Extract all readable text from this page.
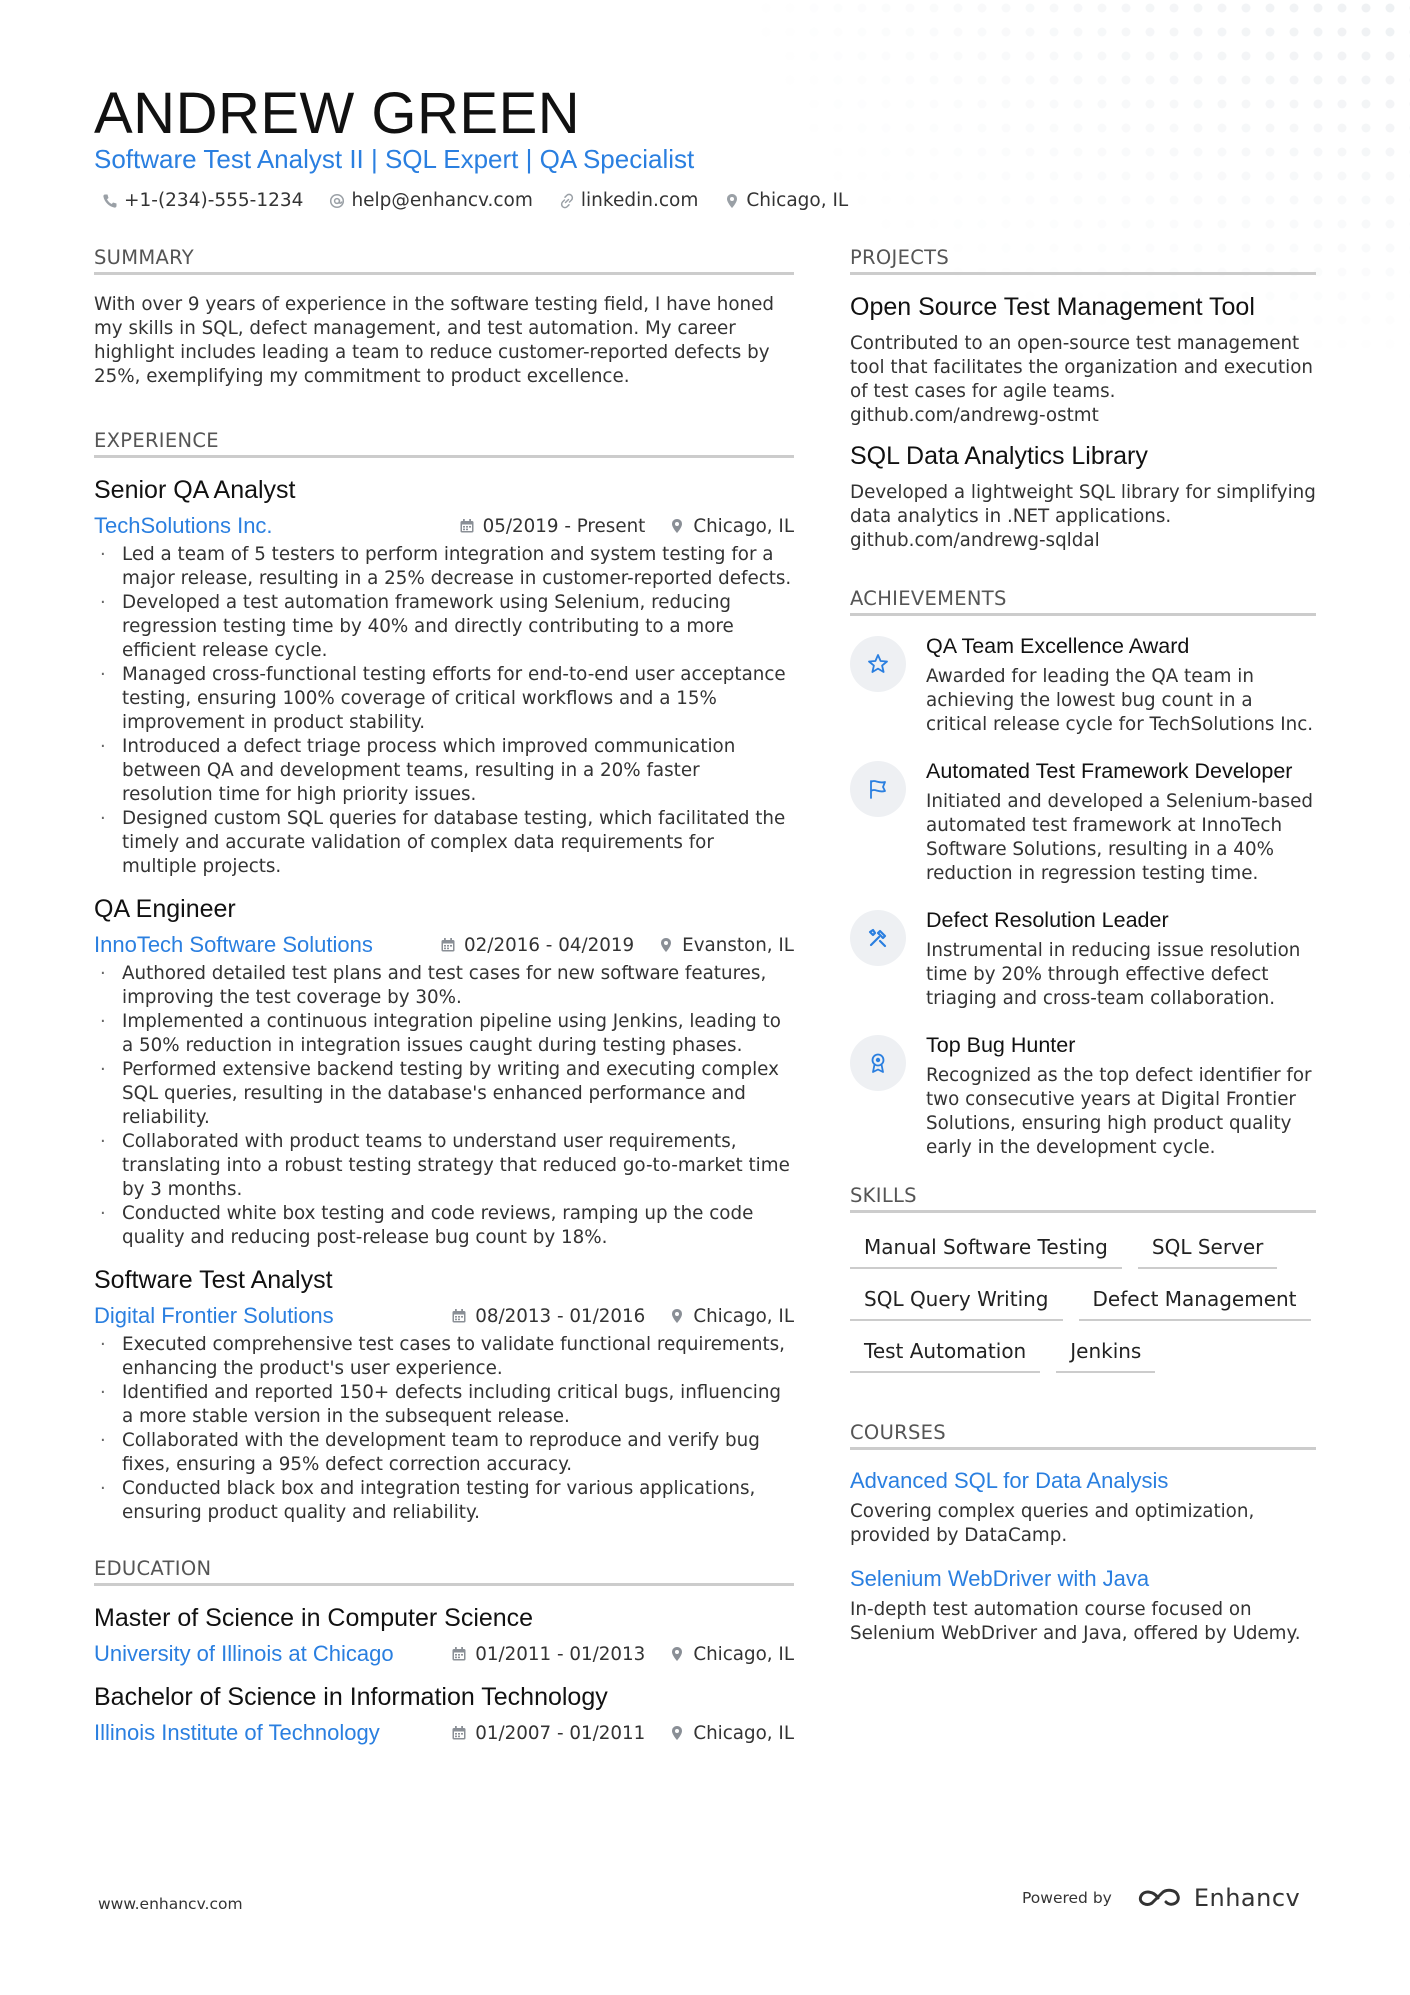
ANDREW GREEN
Software Test Analyst II | SQL Expert | QA Specialist
+1-(234)-555-1234	help@enhancv.com	linkedin.com	Chicago, IL
SUMMARY

With over 9 years of experience in the software testing field, I have honed my skills in SQL, defect management, and test automation. My career highlight includes leading a team to reduce customer-reported defects by 25%, exemplifying my commitment to product excellence.

EXPERIENCE
Senior QA Analyst
TechSolutions Inc.	05/2019 - Present	Chicago, IL
· Led a team of 5 testers to perform integration and system testing for a major release, resulting in a 25% decrease in customer-reported defects.
· Developed a test automation framework using Selenium, reducing regression testing time by 40% and directly contributing to a more efficient release cycle.
· Managed cross-functional testing efforts for end-to-end user acceptance testing, ensuring 100% coverage of critical workflows and a 15% improvement in product stability.
· Introduced a defect triage process which improved communication between QA and development teams, resulting in a 20% faster resolution time for high priority issues.
· Designed custom SQL queries for database testing, which facilitated the timely and accurate validation of complex data requirements for multiple projects.
QA Engineer
InnoTech Software Solutions	02/2016 - 04/2019	Evanston, IL
· Authored detailed test plans and test cases for new software features, improving the test coverage by 30%.
· Implemented a continuous integration pipeline using Jenkins, leading to a 50% reduction in integration issues caught during testing phases.
· Performed extensive backend testing by writing and executing complex SQL queries, resulting in the database's enhanced performance and reliability.
· Collaborated with product teams to understand user requirements, translating into a robust testing strategy that reduced go-to-market time by 3 months.
· Conducted white box testing and code reviews, ramping up the code quality and reducing post-release bug count by 18%.
Software Test Analyst
Digital Frontier Solutions	08/2013 - 01/2016	Chicago, IL
· Executed comprehensive test cases to validate functional requirements, enhancing the product's user experience.
· Identified and reported 150+ defects including critical bugs, influencing a more stable version in the subsequent release.
· Collaborated with the development team to reproduce and verify bug fixes, ensuring a 95% defect correction accuracy.
· Conducted black box and integration testing for various applications, ensuring product quality and reliability.
EDUCATION
Master of Science in Computer Science
University of Illinois at Chicago	01/2011 - 01/2013	Chicago, IL
Bachelor of Science in Information Technology
Illinois Institute of Technology	01/2007 - 01/2011	Chicago, IL
PROJECTS
Open Source Test Management Tool
Contributed to an open-source test management tool that facilitates the organization and execution of test cases for agile teams.
github.com/andrewg-ostmt
SQL Data Analytics Library
Developed a lightweight SQL library for simplifying data analytics in .NET applications.
github.com/andrewg-sqldal
ACHIEVEMENTS
QA Team Excellence Award
Awarded for leading the QA team in achieving the lowest bug count in a critical release cycle for TechSolutions Inc.
Automated Test Framework Developer
Initiated and developed a Selenium-based automated test framework at InnoTech Software Solutions, resulting in a 40% reduction in regression testing time.
Defect Resolution Leader
Instrumental in reducing issue resolution time by 20% through effective defect triaging and cross-team collaboration.
Top Bug Hunter
Recognized as the top defect identifier for two consecutive years at Digital Frontier Solutions, ensuring high product quality early in the development cycle.
SKILLS
Manual Software Testing	SQL Server
SQL Query Writing	Defect Management
Test Automation	Jenkins
COURSES
Advanced SQL for Data Analysis
Covering complex queries and optimization, provided by DataCamp.
Selenium WebDriver with Java
In-depth test automation course focused on Selenium WebDriver and Java, offered by Udemy.
www.enhancv.com	Powered by	Enhancv
